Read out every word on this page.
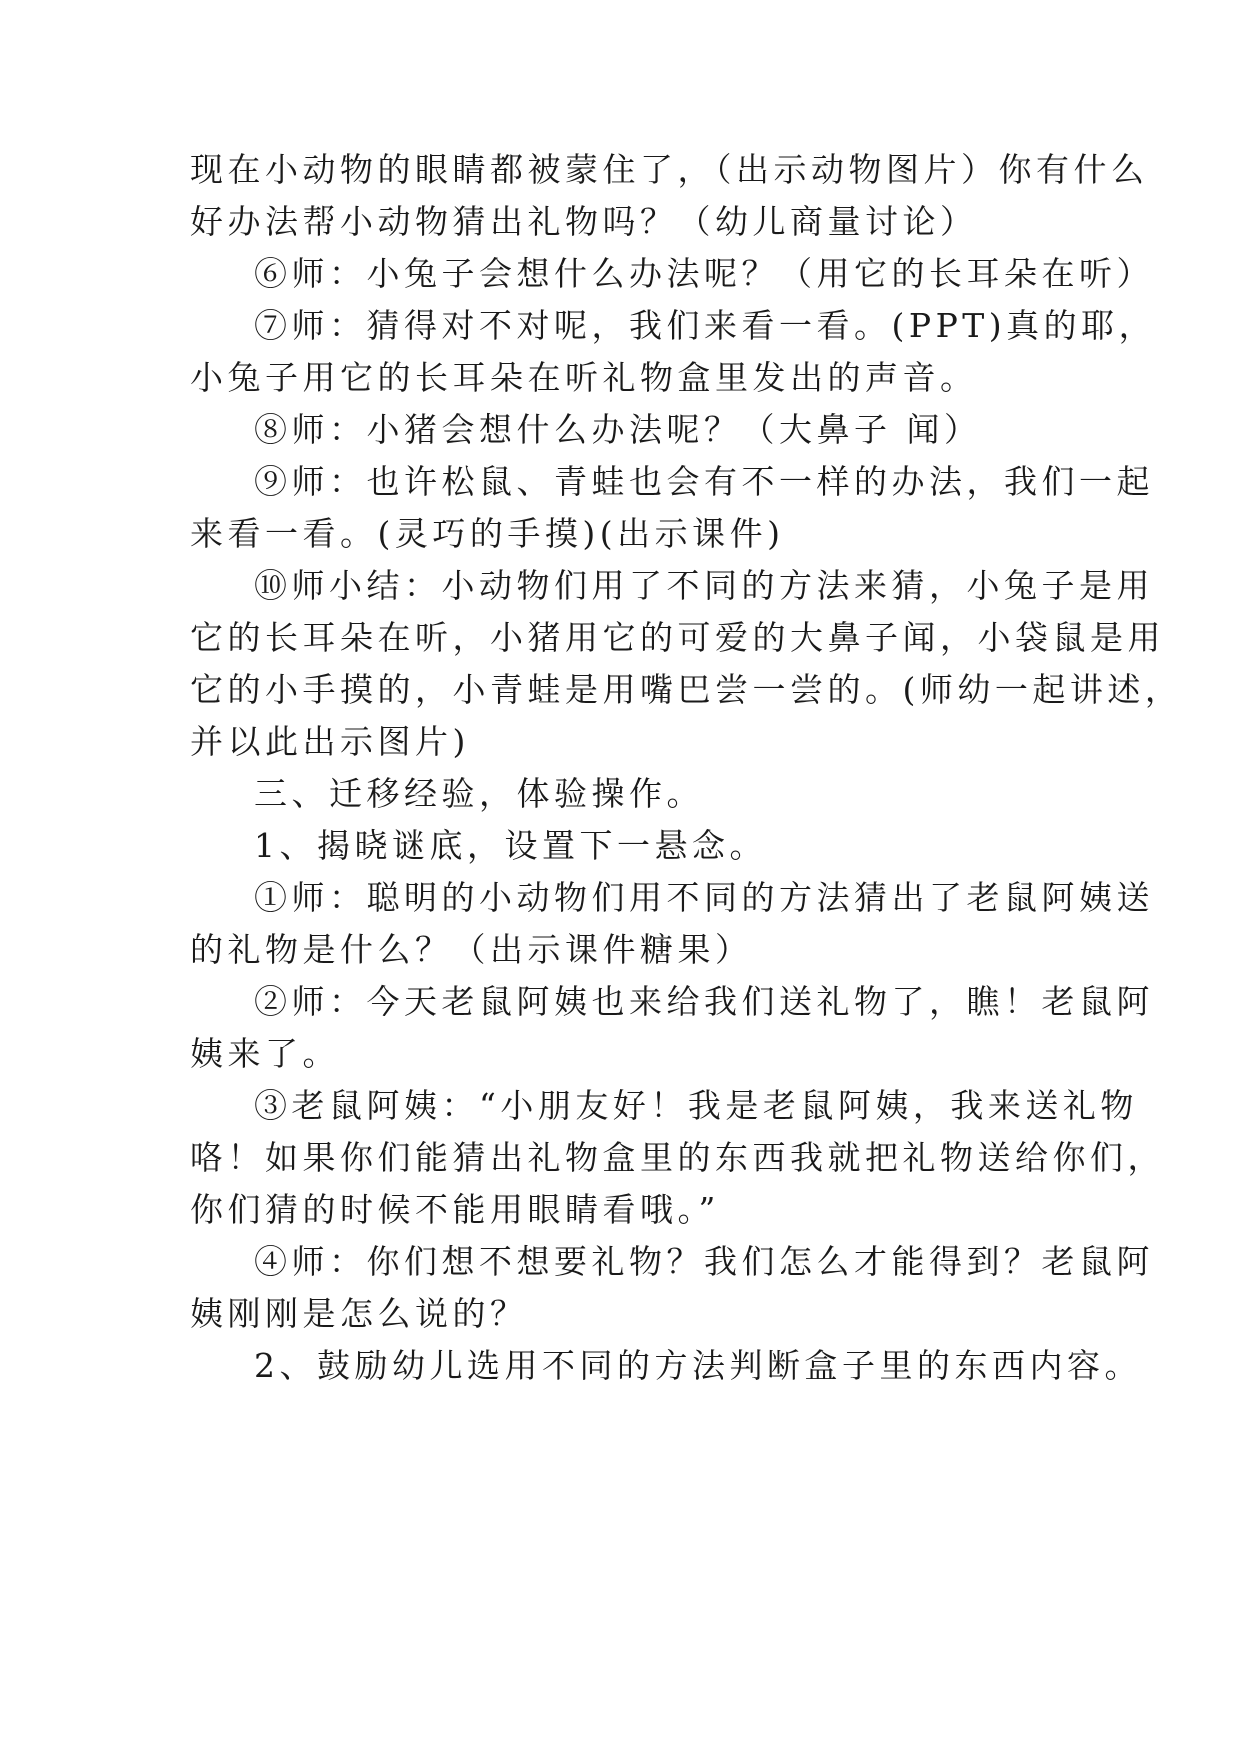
现在小动物的眼睛都被蒙住了，（出示动物图片）你有什么
好办法帮小动物猜出礼物吗？（幼儿商量讨论）
⑥师：小兔子会想什么办法呢？（用它的长耳朵在听）
⑦师：猜得对不对呢，我们来看一看。(PPT)真的耶，
小兔子用它的长耳朵在听礼物盒里发出的声音。
⑧师：小猪会想什么办法呢？（大鼻子 闻）
⑨师：也许松鼠、青蛙也会有不一样的办法，我们一起
来看一看。(灵巧的手摸)(出示课件)
⑩师小结：小动物们用了不同的方法来猜，小兔子是用
它的长耳朵在听，小猪用它的可爱的大鼻子闻，小袋鼠是用
它的小手摸的，小青蛙是用嘴巴尝一尝的。(师幼一起讲述，
并以此出示图片)
三、迁移经验，体验操作。
1、揭晓谜底，设置下一悬念。
①师：聪明的小动物们用不同的方法猜出了老鼠阿姨送
的礼物是什么？（出示课件糖果）
②师：今天老鼠阿姨也来给我们送礼物了，瞧！老鼠阿
姨来了。
③老鼠阿姨：“小朋友好！我是老鼠阿姨，我来送礼物
咯！如果你们能猜出礼物盒里的东西我就把礼物送给你们，
你们猜的时候不能用眼睛看哦。”
④师：你们想不想要礼物？我们怎么才能得到？老鼠阿
姨刚刚是怎么说的？
2、鼓励幼儿选用不同的方法判断盒子里的东西内容。
